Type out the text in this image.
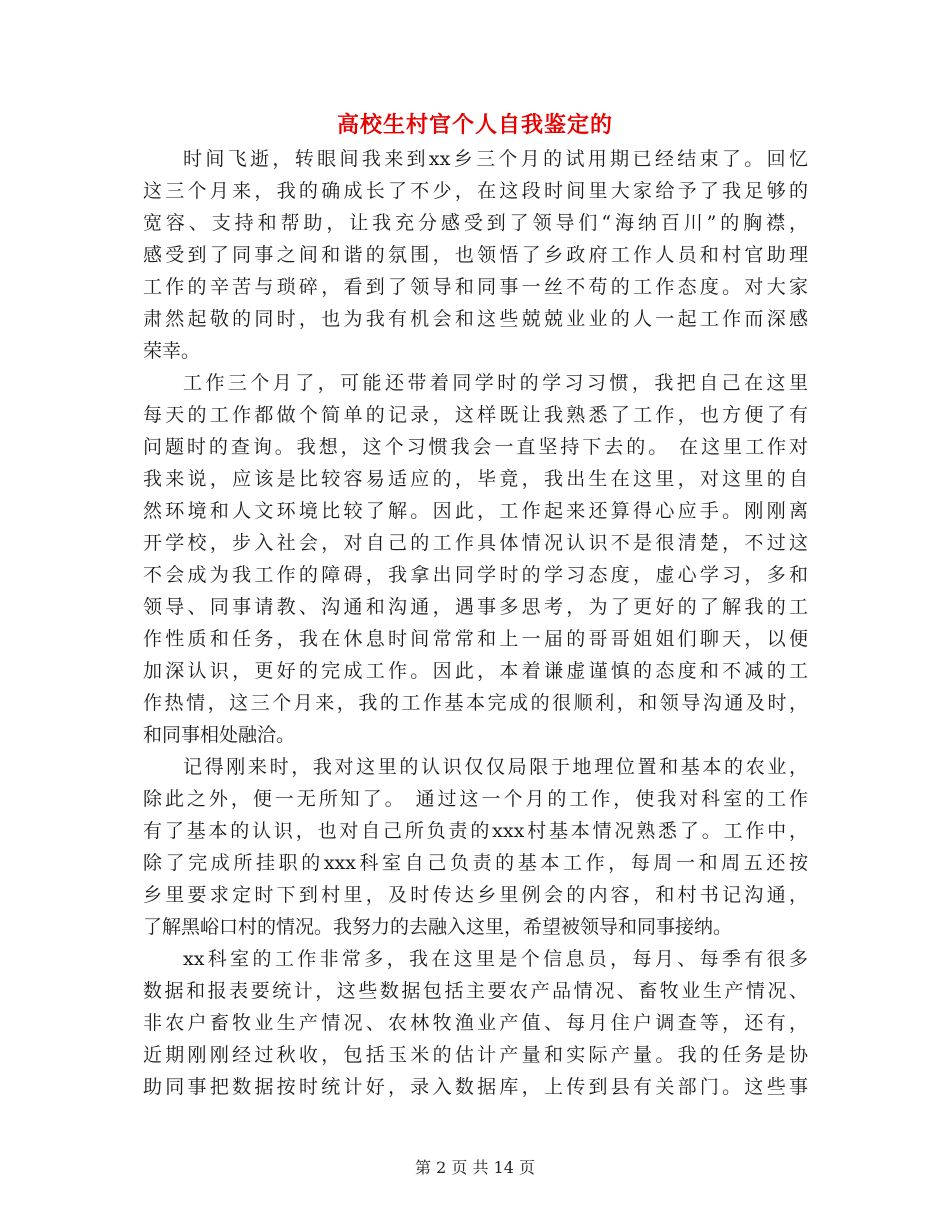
高校生村官个人自我鉴定的
时间飞逝，转眼间我来到xx乡三个月的试用期已经结束了。回忆
这三个月来，我的确成长了不少，在这段时间里大家给予了我足够的
宽容、支持和帮助，让我充分感受到了领导们“海纳百川”的胸襟，
感受到了同事之间和谐的氛围，也领悟了乡政府工作人员和村官助理
工作的辛苦与琐碎，看到了领导和同事一丝不苟的工作态度。对大家
肃然起敬的同时，也为我有机会和这些兢兢业业的人一起工作而深感
荣幸。
工作三个月了，可能还带着同学时的学习习惯，我把自己在这里
每天的工作都做个简单的记录，这样既让我熟悉了工作，也方便了有
问题时的查询。我想，这个习惯我会一直坚持下去的。 在这里工作对
我来说，应该是比较容易适应的，毕竟，我出生在这里，对这里的自
然环境和人文环境比较了解。因此，工作起来还算得心应手。刚刚离
开学校，步入社会，对自己的工作具体情况认识不是很清楚，不过这
不会成为我工作的障碍，我拿出同学时的学习态度，虚心学习，多和
领导、同事请教、沟通和沟通，遇事多思考，为了更好的了解我的工
作性质和任务，我在休息时间常常和上一届的哥哥姐姐们聊天，以便
加深认识，更好的完成工作。因此，本着谦虚谨慎的态度和不减的工
作热情，这三个月来，我的工作基本完成的很顺利，和领导沟通及时，
和同事相处融洽。
记得刚来时，我对这里的认识仅仅局限于地理位置和基本的农业，
除此之外，便一无所知了。 通过这一个月的工作，使我对科室的工作
有了基本的认识，也对自己所负责的xxx村基本情况熟悉了。工作中，
除了完成所挂职的xxx科室自己负责的基本工作，每周一和周五还按
乡里要求定时下到村里，及时传达乡里例会的内容，和村书记沟通，
了解黑峪口村的情况。我努力的去融入这里，希望被领导和同事接纳。
xx科室的工作非常多，我在这里是个信息员，每月、每季有很多
数据和报表要统计，这些数据包括主要农产品情况、畜牧业生产情况、
非农户畜牧业生产情况、农林牧渔业产值、每月住户调查等，还有，
近期刚刚经过秋收，包括玉米的估计产量和实际产量。我的任务是协
助同事把数据按时统计好，录入数据库，上传到县有关部门。这些事
第 2 页 共 14 页
